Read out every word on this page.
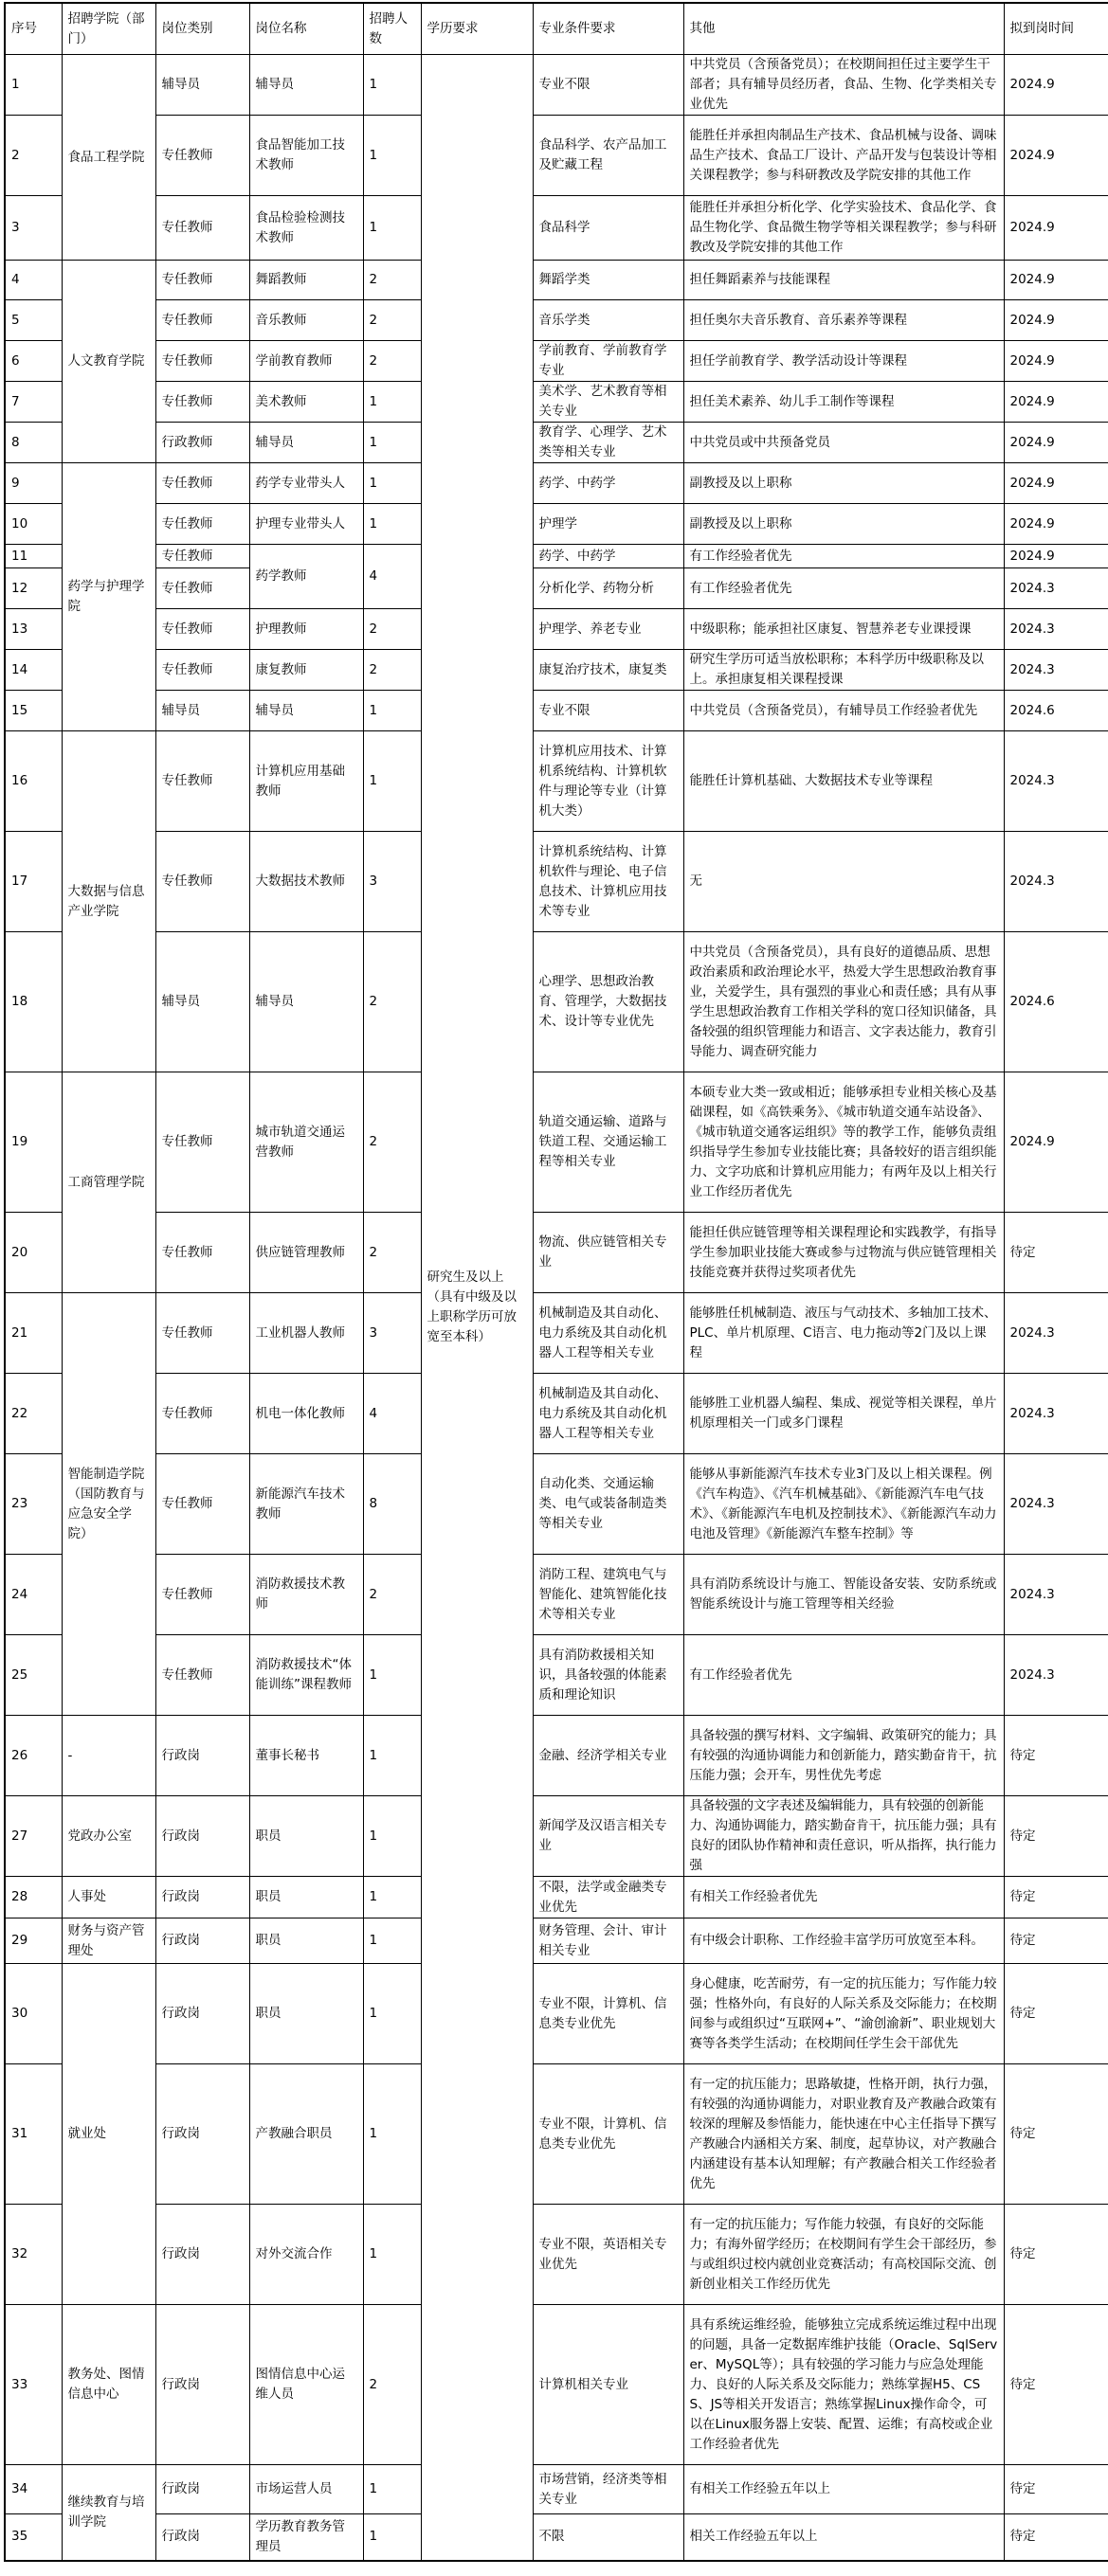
序号	招聘学院（部门）	岗位类别	岗位名称	招聘人数	学历要求	专业条件要求	其他	拟到岗时间
1	食品工程学院	辅导员	辅导员	1	研究生及以上（具有中级及以上职称学历可放宽至本科）	专业不限	中共党员（含预备党员）；在校期间担任过主要学生干部者；具有辅导员经历者，食品、生物、化学类相关专业优先	2024.9
2		专任教师	食品智能加工技术教师	1		食品科学、农产品加工及贮藏工程	能胜任并承担肉制品生产技术、食品机械与设备、调味品生产技术、食品工厂设计、产品开发与包装设计等相关课程教学；参与科研教改及学院安排的其他工作	2024.9
3		专任教师	食品检验检测技术教师	1		食品科学	能胜任并承担分析化学、化学实验技术、食品化学、食品生物化学、食品微生物学等相关课程教学；参与科研教改及学院安排的其他工作	2024.9
4	人文教育学院	专任教师	舞蹈教师	2		舞蹈学类	担任舞蹈素养与技能课程	2024.9
5		专任教师	音乐教师	2		音乐学类	担任奥尔夫音乐教育、音乐素养等课程	2024.9
6		专任教师	学前教育教师	2		学前教育、学前教育学专业	担任学前教育学、教学活动设计等课程	2024.9
7		专任教师	美术教师	1		美术学、艺术教育等相关专业	担任美术素养、幼儿手工制作等课程	2024.9
8		行政教师	辅导员	1		教育学、心理学、艺术类等相关专业	中共党员或中共预备党员	2024.9
9	药学与护理学院	专任教师	药学专业带头人	1		药学、中药学	副教授及以上职称	2024.9
10		专任教师	护理专业带头人	1		护理学	副教授及以上职称	2024.9
11		专任教师	药学教师	4		药学、中药学	有工作经验者优先	2024.9
12		专任教师				分析化学、药物分析	有工作经验者优先	2024.3
13		专任教师	护理教师	2		护理学、养老专业	中级职称；能承担社区康复、智慧养老专业课授课	2024.3
14		专任教师	康复教师	2		康复治疗技术，康复类	研究生学历可适当放松职称；本科学历中级职称及以上。承担康复相关课程授课	2024.3
15		辅导员	辅导员	1		专业不限	中共党员（含预备党员），有辅导员工作经验者优先	2024.6
16	大数据与信息产业学院	专任教师	计算机应用基础教师	1		计算机应用技术、计算机系统结构、计算机软件与理论等专业（计算机大类）	能胜任计算机基础、大数据技术专业等课程	2024.3
17		专任教师	大数据技术教师	3		计算机系统结构、计算机软件与理论、电子信息技术、计算机应用技术等专业	无	2024.3
18		辅导员	辅导员	2		心理学、思想政治教育、管理学，大数据技术、设计等专业优先	中共党员（含预备党员），具有良好的道德品质、思想政治素质和政治理论水平，热爱大学生思想政治教育事业，关爱学生，具有强烈的事业心和责任感；具有从事学生思想政治教育工作相关学科的宽口径知识储备，具备较强的组织管理能力和语言、文字表达能力，教育引导能力、调查研究能力	2024.6
19	工商管理学院	专任教师	城市轨道交通运营教师	2		轨道交通运输、道路与铁道工程、交通运输工程等相关专业	本硕专业大类一致或相近；能够承担专业相关核心及基础课程，如《高铁乘务》、《城市轨道交通车站设备》、《城市轨道交通客运组织》等的教学工作，能够负责组织指导学生参加专业技能比赛；具备较好的语言组织能力、文字功底和计算机应用能力；有两年及以上相关行业工作经历者优先	2024.9
20		专任教师	供应链管理教师	2		物流、供应链管相关专业	能担任供应链管理等相关课程理论和实践教学，有指导学生参加职业技能大赛或参与过物流与供应链管理相关技能竞赛并获得过奖项者优先	待定
21	智能制造学院（国防教育与应急安全学院）	专任教师	工业机器人教师	3		机械制造及其自动化、电力系统及其自动化机器人工程等相关专业	能够胜任机械制造、液压与气动技术、多轴加工技术、PLC、单片机原理、C语言、电力拖动等2门及以上课程	2024.3
22		专任教师	机电一体化教师	4		机械制造及其自动化、电力系统及其自动化机器人工程等相关专业	能够胜工业机器人编程、集成、视觉等相关课程，单片机原理相关一门或多门课程	2024.3
23		专任教师	新能源汽车技术教师	8		自动化类、交通运输类、电气或装备制造类等相关专业	能够从事新能源汽车技术专业3门及以上相关课程。例《汽车构造》、《汽车机械基础》、《新能源汽车电气技术》、《新能源汽车电机及控制技术》、《新能源汽车动力电池及管理》《新能源汽车整车控制》等	2024.3
24		专任教师	消防救援技术教师	2		消防工程、建筑电气与智能化、建筑智能化技术等相关专业	具有消防系统设计与施工、智能设备安装、安防系统或智能系统设计与施工管理等相关经验	2024.3
25		专任教师	消防救援技术“体能训练”课程教师	1		具有消防救援相关知识，具备较强的体能素质和理论知识	有工作经验者优先	2024.3
26	-	行政岗	董事长秘书	1		金融、经济学相关专业	具备较强的撰写材料、文字编辑、政策研究的能力；具有较强的沟通协调能力和创新能力，踏实勤奋肯干，抗压能力强；会开车，男性优先考虑	待定
27	党政办公室	行政岗	职员	1		新闻学及汉语言相关专业	具备较强的文字表述及编辑能力，具有较强的创新能力、沟通协调能力，踏实勤奋肯干，抗压能力强；具有良好的团队协作精神和责任意识，听从指挥，执行能力强	待定
28	人事处	行政岗	职员	1		不限，法学或金融类专业优先	有相关工作经验者优先	待定
29	财务与资产管理处	行政岗	职员	1		财务管理、会计、审计相关专业	有中级会计职称、工作经验丰富学历可放宽至本科。	待定
30	就业处	行政岗	职员	1		专业不限，计算机、信息类专业优先	身心健康，吃苦耐劳，有一定的抗压能力；写作能力较强；性格外向，有良好的人际关系及交际能力；在校期间参与或组织过“互联网+”、“渝创渝新”、职业规划大赛等各类学生活动；在校期间任学生会干部优先	待定
31		行政岗	产教融合职员	1		专业不限，计算机、信息类专业优先	有一定的抗压能力；思路敏捷，性格开朗，执行力强，有较强的沟通协调能力，对职业教育及产教融合政策有较深的理解及参悟能力，能快速在中心主任指导下撰写产教融合内涵相关方案、制度，起草协议，对产教融合内涵建设有基本认知理解；有产教融合相关工作经验者优先	待定
32		行政岗	对外交流合作	1		专业不限，英语相关专业优先	有一定的抗压能力；写作能力较强，有良好的交际能力；有海外留学经历；在校期间有学生会干部经历，参与或组织过校内就创业竞赛活动；有高校国际交流、创新创业相关工作经历优先	待定
33	教务处、图情信息中心	行政岗	图情信息中心运维人员	2		计算机相关专业	具有系统运维经验，能够独立完成系统运维过程中出现的问题，具备一定数据库维护技能（Oracle、SqlServer、MySQL等）；具有较强的学习能力与应急处理能力、良好的人际关系及交际能力；熟练掌握H5、CSS、JS等相关开发语言；熟练掌握Linux操作命令，可以在Linux服务器上安装、配置、运维；有高校或企业工作经验者优先	待定
34	继续教育与培训学院	行政岗	市场运营人员	1		市场营销，经济类等相关专业	有相关工作经验五年以上	待定
35		行政岗	学历教育教务管理员	1		不限	相关工作经验五年以上	待定
